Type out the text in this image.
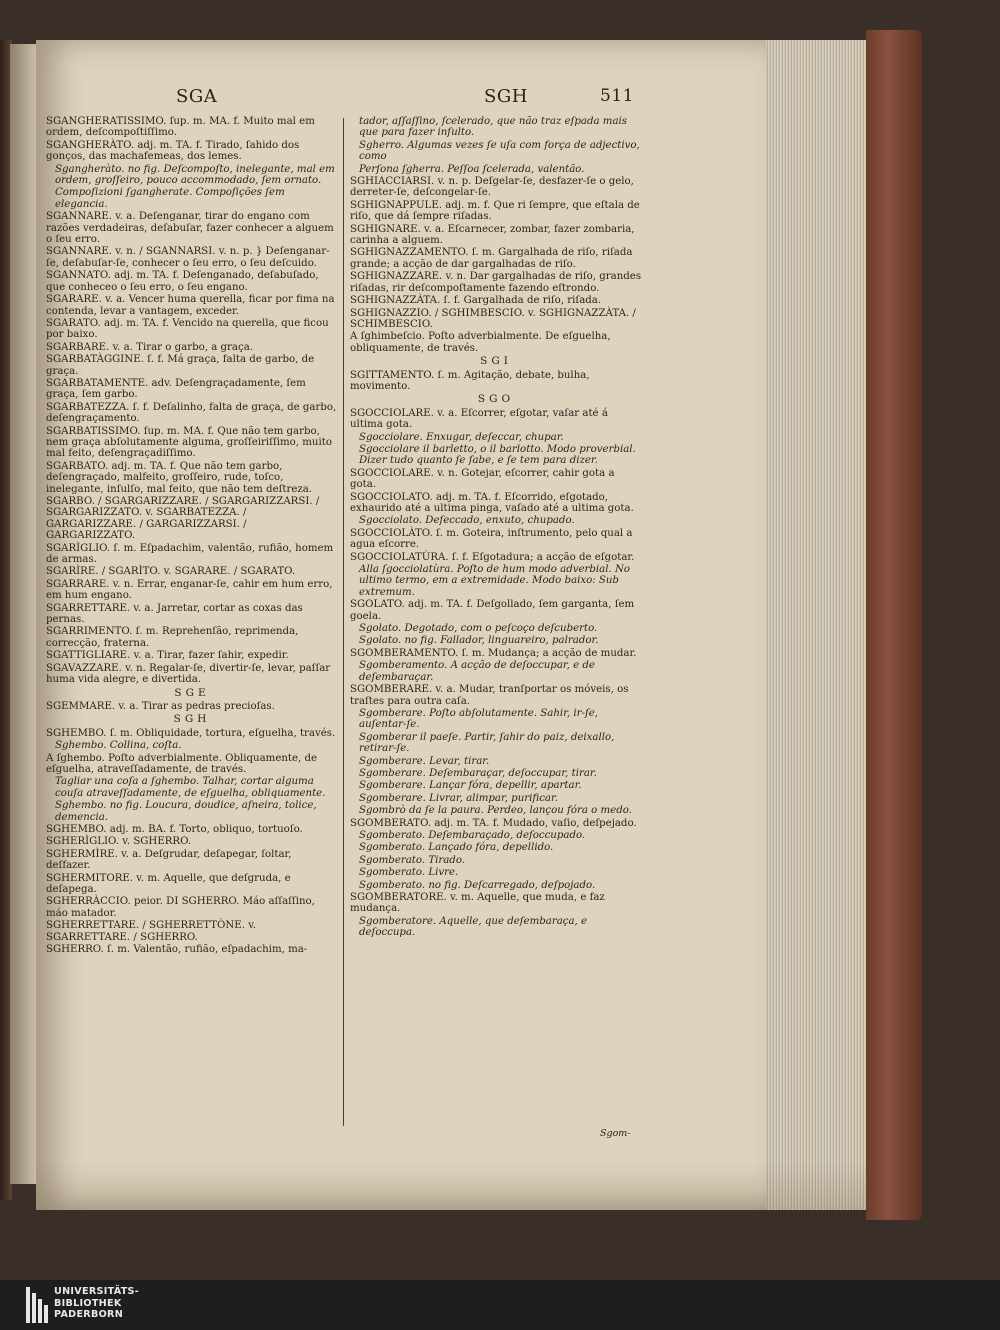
SGA	SGH	511
SGANGHERATISSIMO. ſup. m. MA. f. Muito mal em ordem, deſcompoſtiſſimo.
SGANGHERÀTO. adj. m. TA. f. Tirado, ſahido dos gonços, das machafemeas, dos lemes.
Sgangheràto. no fig. Deſcompoſto, inelegante, mal em ordem, groſſeiro, pouco accommodado, ſem ornato.
Compoſizioni ſgangherate. Compoſições ſem elegancia.
SGANNARE. v. a. Deſenganar, tirar do engano com razões verdadeiras, deſabuſar, fazer conhecer a alguem o ſeu erro.
SGANNARE. v. n. / SGANNARSI. v. n. p. } Deſenganar-ſe, deſabuſar-ſe, conhecer o ſeu erro, o ſeu deſcuido.
SGANNATO. adj. m. TA. f. Deſenganado, deſabuſado, que conheceo o ſeu erro, o ſeu engano.
SGARARE. v. a. Vencer huma querella, ficar por fima na contenda, levar a vantagem, exceder.
SGARATO. adj. m. TA. f. Vencido na querella, que ficou por baixo.
SGARBARE. v. a. Tirar o garbo, a graça.
SGARBATÀGGINE. ſ. f. Má graça, falta de garbo, de graça.
SGARBATAMENTE. adv. Deſengraçadamente, ſem graça, ſem garbo.
SGARBATEZZA. ſ. f. Deſalinho, falta de graça, de garbo, deſengraçamento.
SGARBATISSIMO. ſup. m. MA. f. Que não tem garbo, nem graça abſolutamente alguma, groſſeiriſſimo, muito mal feito, deſengraçadiſſimo.
SGARBATO. adj. m. TA. f. Que não tem garbo, deſengraçado, malfeito, groſſeiro, rude, toſco, inelegante, inſulſo, mal feito, que não tem deſtreza.
SGARBO. / SGARGARIZZARE. / SGARGARIZZARSI. / SGARGARIZZATO. v. SGARBATEZZA. / GARGARIZZARE. / GARGARIZZARSI. / GARGARIZZATO.
SGARÌGLIO. ſ. m. Eſpadachim, valentão, rufião, homem de armas.
SGARÌRE. / SGARÌTO. v. SGARARE. / SGARATO.
SGARRARE. v. n. Errar, enganar-ſe, cahir em hum erro, em hum engano.
SGARRETTARE. v. a. Jarretar, cortar as coxas das pernas.
SGARRIMENTO. ſ. m. Reprehenſão, reprimenda, correcção, fraterna.
SGATTIGLIARE. v. a. Tirar, fazer ſahir, expedir.
SGAVAZZARE. v. n. Regalar-ſe, divertir-ſe, levar, paſſar huma vida alegre, e divertida.
SGE
SGEMMARE. v. a. Tirar as pedras precioſas.
SGH
SGHEMBO. ſ. m. Obliquidade, tortura, eſguelha, través.
Sghembo. Collina, coſta.
A ſghembo. Poſto adverbialmente. Obliquamente, de eſguelha, atraveſſadamente, de través.
Tagliar una coſa a ſghembo. Talhar, cortar alguma couſa atraveſſadamente, de eſguelha, obliquamente.
Sghembo. no fig. Loucura, doudice, aſneira, tolice, demencia.
SGHEMBO. adj. m. BA. f. Torto, obliquo, tortuoſo.
SGHERÌGLIO. v. SGHERRO.
SGHERMÌRE. v. a. Deſgrudar, deſapegar, ſoltar, deſfazer.
SGHERMITORE. v. m. Aquelle, que deſgruda, e deſapega.
SGHERRÀCCIO. peior. DI SGHERRO. Máo aſſaſſino, máo matador.
SGHERRETTARE. / SGHERRETTÒNE. v. SGARRETTARE. / SGHERRO.
SGHERRO. ſ. m. Valentão, rufião, eſpadachim, ma-
tador, aſſaſſino, ſcelerado, que não traz eſpada mais que para fazer inſulto.
Sgherro. Algumas vezes ſe uſa com força de adjectivo, como
Perſona ſgherra. Peſſoa ſcelerada, valentão.
SGHIACCIARSI. v. n. p. Deſgelar-ſe, desfazer-ſe o gelo, derreter-ſe, deſcongelar-ſe.
SGHIGNAPPULE. adj. m. f. Que ri ſempre, que eſtala de riſo, que dá ſempre riſadas.
SGHIGNARE. v. a. Eſcarnecer, zombar, fazer zombaria, carinha a alguem.
SGHIGNAZZAMENTO. ſ. m. Gargalhada de riſo, riſada grande; a acção de dar gargalhadas de riſo.
SGHIGNAZZARE. v. n. Dar gargalhadas de riſo, grandes riſadas, rir deſcompoſtamente fazendo eſtrondo.
SGHIGNAZZÀTA. ſ. f. Gargalhada de riſo, riſada.
SGHIGNAZZIO. / SGHIMBESCIO. v. SGHIGNAZZÀTA. / SCHIMBESCIO.
A ſghimbeſcio. Poſto adverbialmente. De eſguelha, obliquamente, de través.
SGI
SGITTAMENTO. ſ. m. Agitação, debate, bulha, movimento.
SGO
SGOCCIOLARE. v. a. Eſcorrer, eſgotar, vaſar até á ultima gota.
Sgocciolare. Enxugar, deſeccar, chupar.
Sgocciolare il barletto, o il barlotto. Modo proverbial. Dizer tudo quanto ſe ſabe, e ſe tem para dizer.
SGOCCIOLARE. v. n. Gotejar, eſcorrer, cahir gota a gota.
SGOCCIOLATO. adj. m. TA. f. Eſcorrido, eſgotado, exhaurido até a ultima pinga, vaſado até a ultima gota.
Sgocciolato. Deſeccado, enxuto, chupado.
SGOCCIOLÀTO. ſ. m. Goteira, inſtrumento, pelo qual a agua eſcorre.
SGOCCIOLATÙRA. ſ. f. Eſgotadura; a acção de eſgotar.
Alla ſgocciolatùra. Poſto de hum modo adverbial. No ultimo termo, em a extremidade. Modo baixo: Sub extremum.
SGOLATO. adj. m. TA. f. Deſgollado, ſem garganta, ſem goela.
Sgolato. Degotado, com o peſcoço deſcuberto.
Sgolato. no fig. Fallador, linguareiro, palrador.
SGOMBERAMENTO. ſ. m. Mudança; a acção de mudar.
Sgomberamento. A acção de deſoccupar, e de deſembaraçar.
SGOMBERARE. v. a. Mudar, tranſportar os móveis, os traſtes para outra caſa.
Sgomberare. Poſto abſolutamente. Sahir, ir-ſe, auſentar-ſe.
Sgomberar il paeſe. Partir, ſahir do paiz, deixallo, retirar-ſe.
Sgomberare. Levar, tirar.
Sgomberare. Deſembaraçar, deſoccupar, tirar.
Sgomberare. Lançar fóra, depellir, apartar.
Sgomberare. Livrar, alimpar, purificar.
Sgombrò da ſe la paura. Perdeo, lançou fóra o medo.
SGOMBERATO. adj. m. TA. f. Mudado, vaſio, deſpejado.
Sgomberato. Deſembaraçado, deſoccupado.
Sgomberato. Lançado fóra, depellido.
Sgomberato. Tirado.
Sgomberato. Livre.
Sgomberato. no fig. Deſcarregado, deſpojado.
SGOMBERATORE. v. m. Aquelle, que muda, e faz mudança.
Sgomberatore. Aquelle, que deſembaraça, e deſoccupa.
Sgom-
UNIVERSITÄTS-
BIBLIOTHEK
PADERBORN
